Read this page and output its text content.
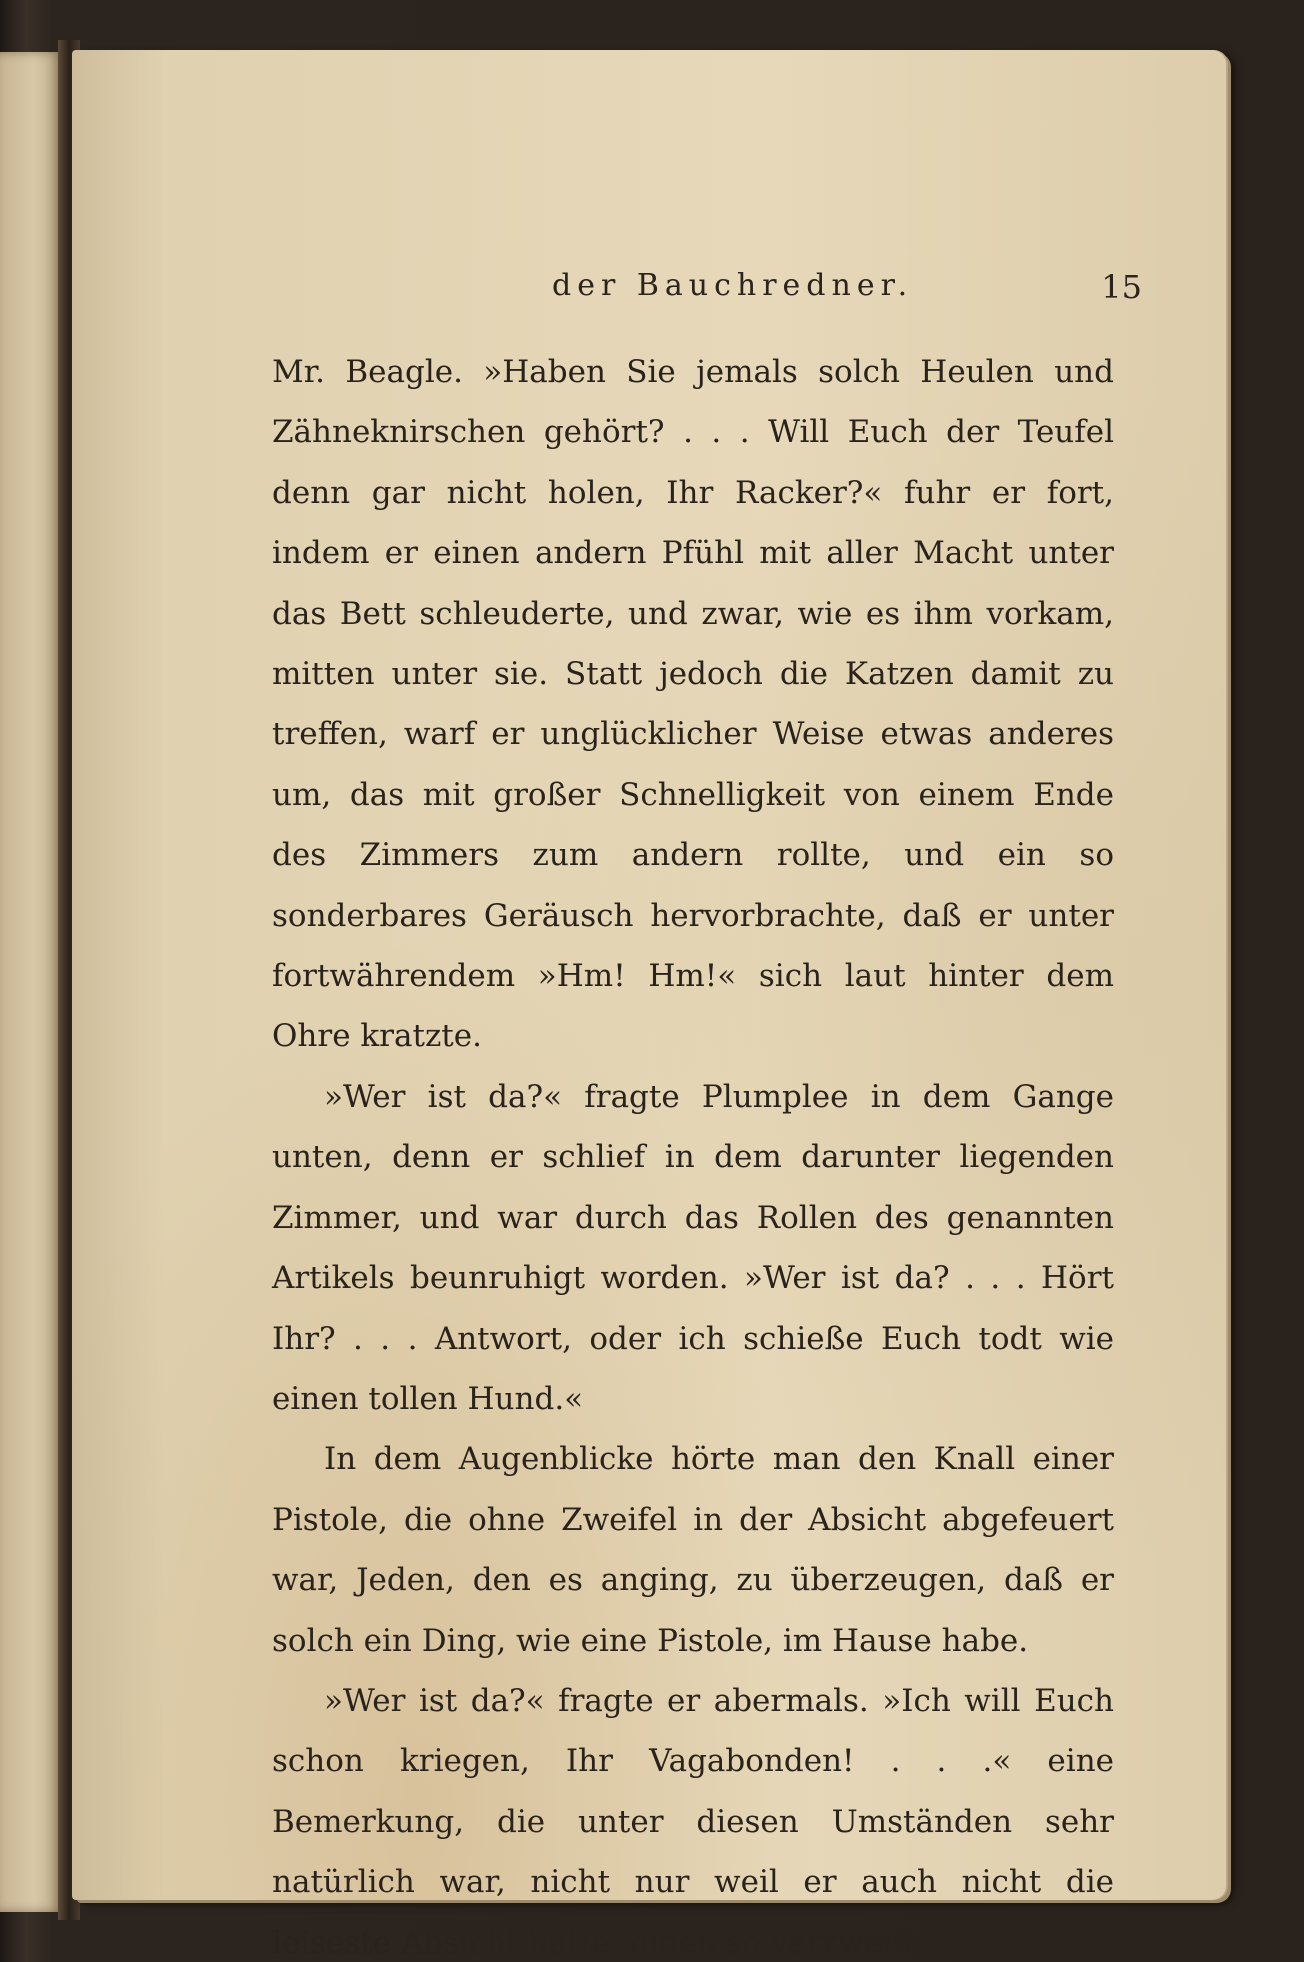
der Bauchredner.	15

Mr. Beagle. »Haben Sie jemals solch Heulen und Zähneknirschen gehört? . . . Will Euch der Teufel denn gar nicht holen, Ihr Racker?« fuhr er fort, indem er einen andern Pfühl mit aller Macht unter das Bett schleuderte, und zwar, wie es ihm vorkam, mitten unter sie. Statt jedoch die Katzen damit zu treffen, warf er unglücklicher Weise etwas anderes um, das mit großer Schnelligkeit von einem Ende des Zimmers zum andern rollte, und ein so sonderbares Geräusch hervorbrachte, daß er unter fortwährendem »Hm! Hm!« sich laut hinter dem Ohre kratzte.

»Wer ist da?« fragte Plumplee in dem Gange unten, denn er schlief in dem darunter liegenden Zimmer, und war durch das Rollen des genannten Artikels beunruhigt worden. »Wer ist da? . . . Hört Ihr? . . . Antwort, oder ich schieße Euch todt wie einen tollen Hund.«

In dem Augenblicke hörte man den Knall einer Pistole, die ohne Zweifel in der Absicht abgefeuert war, Jeden, den es anging, zu überzeugen, daß er solch ein Ding, wie eine Pistole, im Hause habe.

»Wer ist da?« fragte er abermals. »Ich will Euch schon kriegen, Ihr Vagabonden! . . .« eine Bemerkung, die unter diesen Umständen sehr natürlich war, nicht nur weil er auch nicht die leiseste Absicht hatte, einen so verzweifel-
